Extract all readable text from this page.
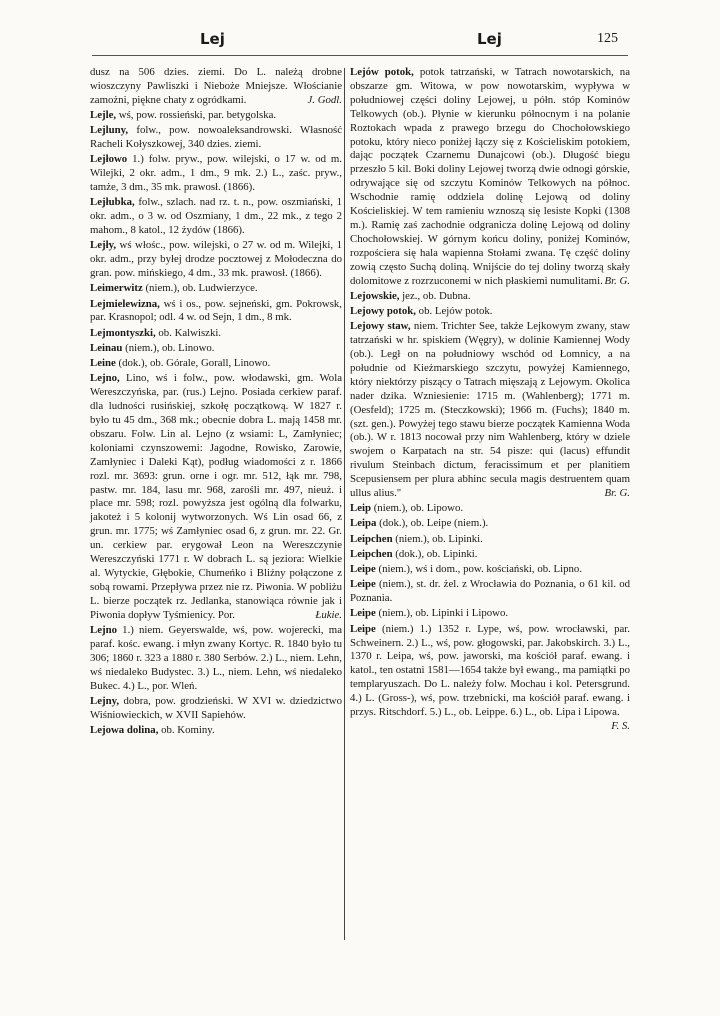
Lej	Lej	125

dusz na 506 dzies. ziemi. Do L. należą drobne wioszczyny Pawliszki i Nieboże Mniejsze. Włościanie zamożni, piękne chaty z ogródkami.	J. Godl.

Lejle, wś, pow. rossieński, par. betygolska.

Lejluny, folw., pow. nowoaleksandrowski. Własność Racheli Kołyszkowej, 340 dzies. ziemi.

Lejłowo 1.) folw. pryw., pow. wilejski, o 17 w. od m. Wilejki, 2 okr. adm., 1 dm., 9 mk. 2.) L., zaśc. pryw., tamże, 3 dm., 35 mk. prawosł. (1866).

Lejłubka, folw., szlach. nad rz. t. n., pow. oszmiański, 1 okr. adm., o 3 w. od Oszmiany, 1 dm., 22 mk., z tego 2 mahom., 8 katol., 12 żydów (1866).

Lejły, wś włośc., pow. wilejski, o 27 w. od m. Wilejki, 1 okr. adm., przy byłej drodze pocztowej z Mołodeczna do gran. pow. mińskiego, 4 dm., 33 mk. prawosł. (1866).

Leimerwitz (niem.), ob. Ludwierzyce.

Lejmielewizna, wś i os., pow. sejneński, gm. Pokrowsk, par. Krasnopol; odl. 4 w. od Sejn, 1 dm., 8 mk.

Lejmontyszki, ob. Kalwiszki.

Leinau (niem.), ob. Linowo.

Leine (dok.), ob. Górale, Gorall, Linowo.

Lejno, Lino, wś i folw., pow. włodawski, gm. Wola Wereszczyńska, par. (rus.) Lejno. Posiada cerkiew paraf. dla ludności rusińskiej, szkołę początkową. W 1827 r. było tu 45 dm., 368 mk.; obecnie dobra L. mają 1458 mr. obszaru. Folw. Lin al. Lejno (z wsiami: L, Zamłyniec; koloniami czynszowemi: Jagodne, Rowisko, Zarowie, Zamłyniec i Daleki Kąt), podług wiadomości z r. 1866 rozl. mr. 3693: grun. orne i ogr. mr. 512, łąk mr. 798, pastw. mr. 184, lasu mr. 968, zarośli mr. 497, nieuż. i place mr. 598; rozl. powyższa jest ogólną dla folwarku, jakoteż i 5 kolonij wytworzonych. Wś Lin osad 66, z grun. mr. 1775; wś Zamłyniec osad 6, z grun. mr. 22. Gr. un. cerkiew par. erygował Leon na Wereszczynie Wereszczyński 1771 r. W dobrach L. są jeziora: Wielkie al. Wytyckie, Głębokie, Chumeńko i Bliźny połączone z sobą rowami. Przepływa przez nie rz. Piwonia. W pobliżu L. bierze początek rz. Jedlanka, stanowiąca równie jak i Piwonia dopływ Tyśmienicy. Por.	Łukie.

Lejno 1.) niem. Geyerswalde, wś, pow. wojerecki, ma paraf. kośc. ewang. i młyn zwany Kortyc. R. 1840 było tu 306; 1860 r. 323 a 1880 r. 380 Serbów. 2.) L., niem. Lehn, wś niedaleko Budystec. 3.) L., niem. Lehn, wś niedaleko Bukec. 4.) L., por. Wleń.

Lejny, dobra, pow. grodzieński. W XVI w. dziedzictwo Wiśniowieckich, w XVII Sapiehów.

Lejowa dolina, ob. Kominy.

Lejów potok, potok tatrzański, w Tatrach nowotarskich, na obszarze gm. Witowa, w pow nowotarskim, wypływa w południowej części doliny Lejowej, u półn. stóp Kominów Telkowych (ob.). Płynie w kierunku północnym i na polanie Roztokach wpada z prawego brzegu do Chochołowskiego potoku, który nieco poniżej łączy się z Kościeliskim potokiem, dając początek Czarnemu Dunajcowi (ob.). Długość biegu przeszło 5 kil. Boki doliny Lejowej tworzą dwie odnogi górskie, odrywające się od szczytu Kominów Telkowych na północ. Wschodnie ramię oddziela dolinę Lejową od doliny Kościeliskiej. W tem ramieniu wznoszą się lesiste Kopki (1308 m.). Ramię zaś zachodnie odgranicza dolinę Lejową od doliny Chochołowskiej. W górnym końcu doliny, poniżej Kominów, rozpościera się hala wapienna Stołami zwana. Tę część doliny zowią często Suchą doliną. Wnijście do tej doliny tworzą skały dolomitowe z rozrzuconemi w nich płaskiemi numulitami. Br. G.

Lejowskie, jez., ob. Dubna.

Lejowy potok, ob. Lejów potok.

Lejowy staw, niem. Trichter See, także Lejkowym zwany, staw tatrzański w hr. spiskiem (Węgry), w dolinie Kamiennej Wody (ob.). Legł on na południowy wschód od Łomnicy, a na południe od Kieżmarskiego szczytu, powyżej Kamiennego, który niektórzy piszący o Tatrach mięszają z Lejowym. Okolica nader dzika. Wzniesienie: 1715 m. (Wahlenberg); 1771 m. (Oesfeld); 1725 m. (Steczkowski); 1966 m. (Fuchs); 1840 m. (szt. gen.). Powyżej tego stawu bierze początek Kamienna Woda (ob.). W r. 1813 nocował przy nim Wahlenberg, który w dziele swojem o Karpatach na str. 54 pisze: qui (lacus) effundit rivulum Steinbach dictum, feracissimum et per planitiem Scepusiensem per plura abhinc secula magis destruentem quam ullus alius."	Br. G.

Leip (niem.), ob. Lipowo.

Leipa (dok.), ob. Leipe (niem.).

Leipchen (niem.), ob. Lipinki.

Leipchen (dok.), ob. Lipinki.

Leipe (niem.), wś i dom., pow. kościański, ob. Lipno.

Leipe (niem.), st. dr. żel. z Wrocławia do Poznania, o 61 kil. od Poznania.

Leipe (niem.), ob. Lipinki i Lipowo.

Leipe (niem.) 1.) 1352 r. Lype, wś, pow. wrocławski, par. Schweinern. 2.) L., wś, pow. głogowski, par. Jakobskirch. 3.) L., 1370 r. Leipa, wś, pow. jaworski, ma kościół paraf. ewang. i katol., ten ostatni 1581—1654 także był ewang., ma pamiątki po templaryuszach. Do L. należy folw. Mochau i kol. Petersgrund. 4.) L. (Gross-), wś, pow. trzebnicki, ma kościół paraf. ewang. i przys. Ritschdorf. 5.) L., ob. Leippe. 6.) L., ob. Lipa i Lipowa.
F. S.
